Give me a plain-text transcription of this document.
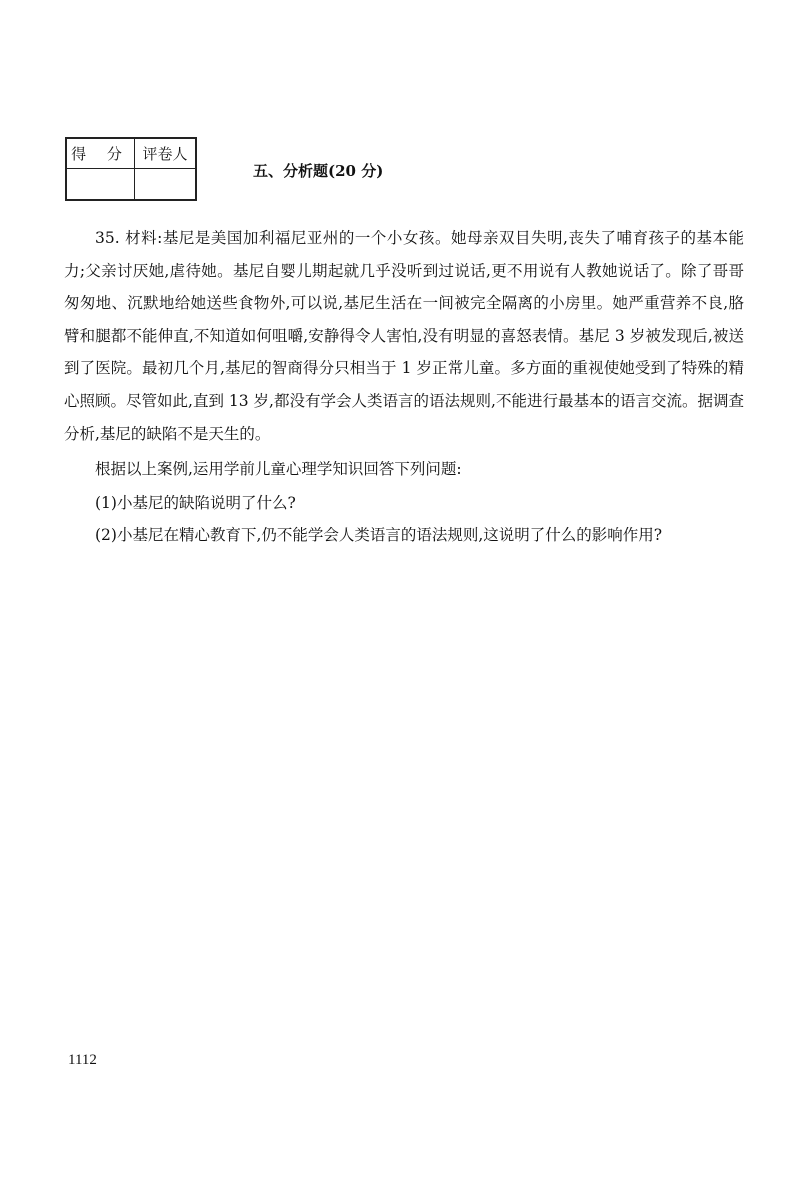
得 分	评卷人

五、分析题(20 分)

35. 材料:基尼是美国加利福尼亚州的一个小女孩。她母亲双目失明,丧失了哺育孩子的基本能力;父亲讨厌她,虐待她。基尼自婴儿期起就几乎没听到过说话,更不用说有人教她说话了。除了哥哥匆匆地、沉默地给她送些食物外,可以说,基尼生活在一间被完全隔离的小房里。她严重营养不良,胳臂和腿都不能伸直,不知道如何咀嚼,安静得令人害怕,没有明显的喜怒表情。基尼 3 岁被发现后,被送到了医院。最初几个月,基尼的智商得分只相当于 1 岁正常儿童。多方面的重视使她受到了特殊的精心照顾。尽管如此,直到 13 岁,都没有学会人类语言的语法规则,不能进行最基本的语言交流。据调查分析,基尼的缺陷不是天生的。

根据以上案例,运用学前儿童心理学知识回答下列问题:

(1)小基尼的缺陷说明了什么?

(2)小基尼在精心教育下,仍不能学会人类语言的语法规则,这说明了什么的影响作用?

1112
